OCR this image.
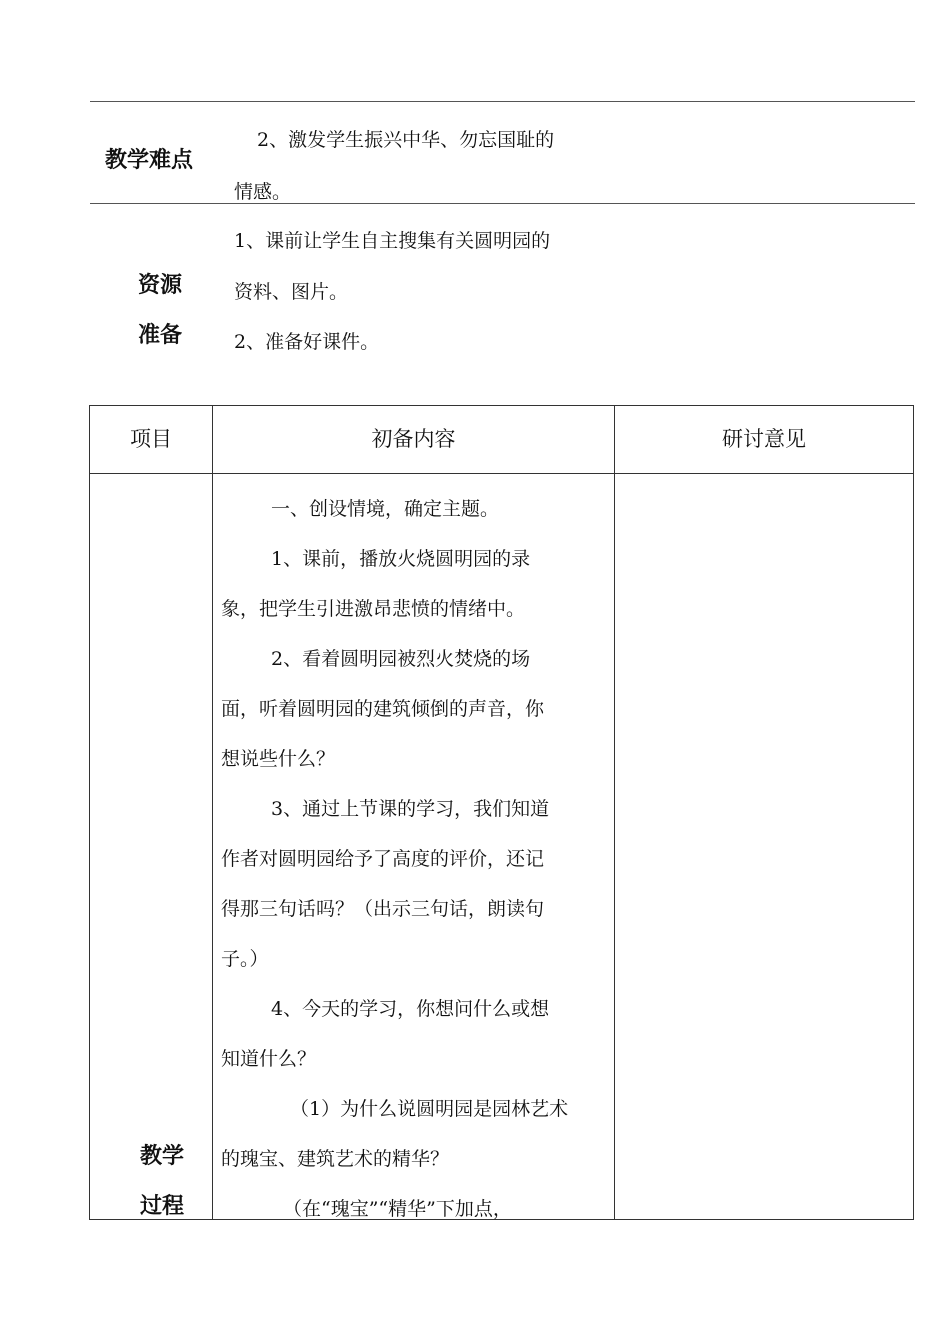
教学难点
2、激发学生振兴中华、勿忘国耻的
情感。
资源
准备
1、课前让学生自主搜集有关圆明园的
资料、图片。
2、准备好课件。
项目	初备内容	研讨意见
教学
过程
一、创设情境，确定主题。
1、课前，播放火烧圆明园的录
象，把学生引进激昂悲愤的情绪中。
2、看着圆明园被烈火焚烧的场
面，听着圆明园的建筑倾倒的声音，你
想说些什么？
3、通过上节课的学习，我们知道
作者对圆明园给予了高度的评价，还记
得那三句话吗？（出示三句话，朗读句
子。）
4、今天的学习，你想问什么或想
知道什么？
（1）为什么说圆明园是园林艺术
的瑰宝、建筑艺术的精华？
（在“瑰宝”“精华”下加点，
